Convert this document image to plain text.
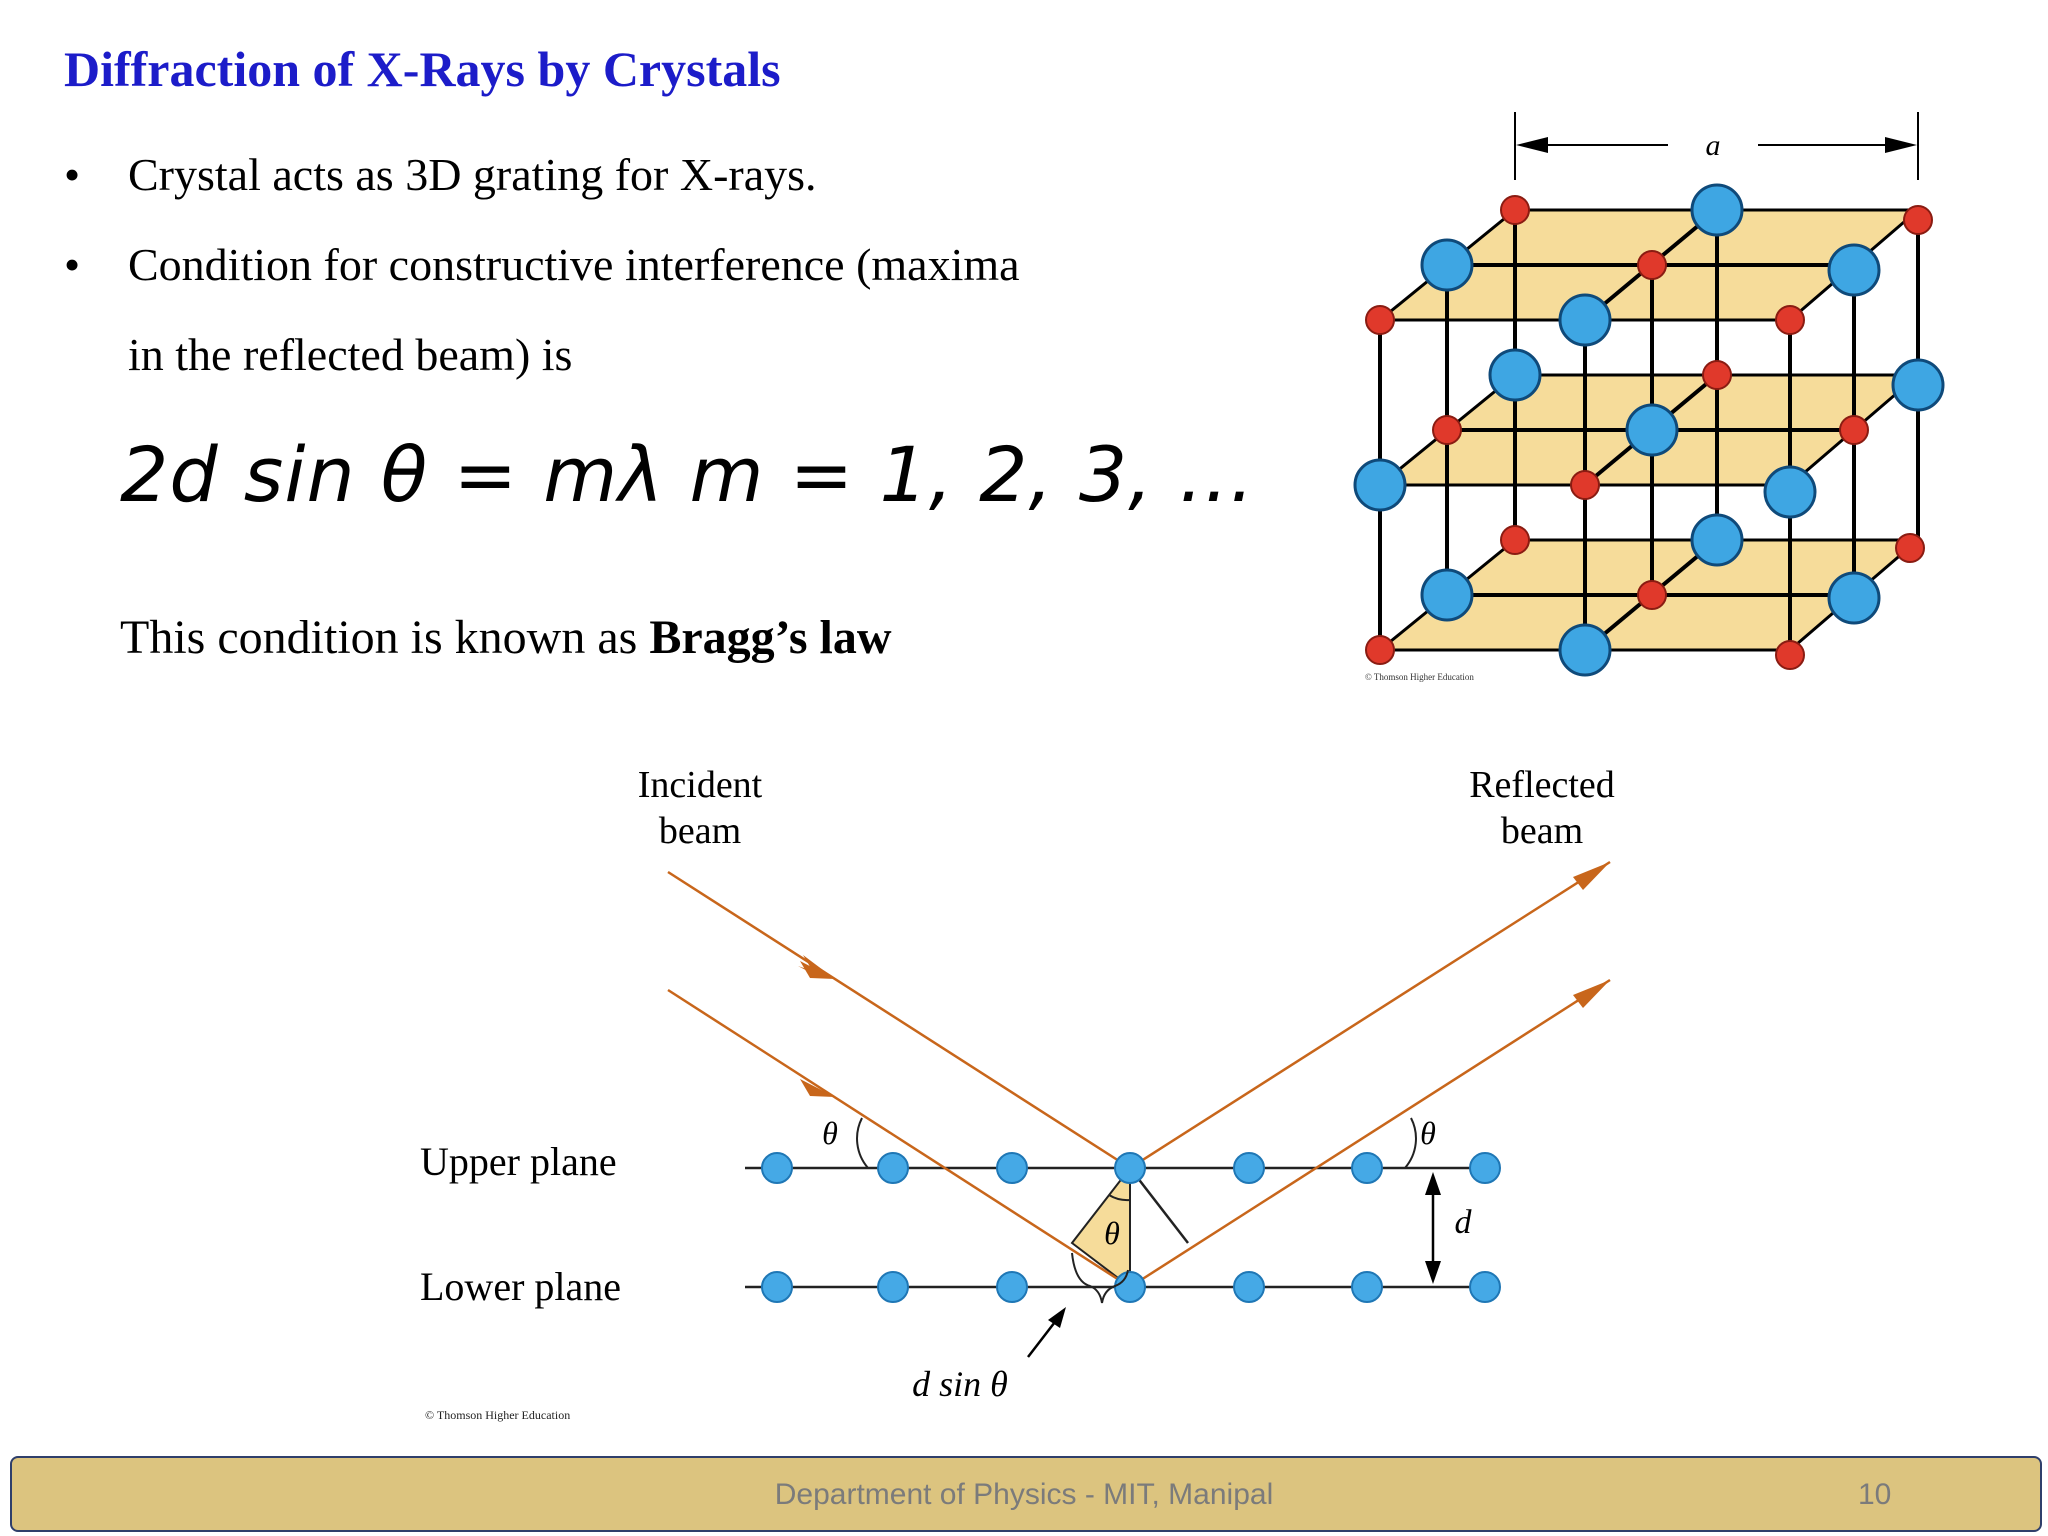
Diffraction of X-Rays by Crystals
• Crystal acts as 3D grating for X-rays.
• Condition for constructive interference (maxima
in the reflected beam) is
2d sin θ = mλ m = 1, 2, 3, …
This condition is known as Bragg’s law
a
© Thomson Higher Education
Incident
beam
Reflected
beam
Upper plane
Lower plane
θ	θ
θ	d
d sin θ
© Thomson Higher Education
Department of Physics - MIT, Manipal	10
